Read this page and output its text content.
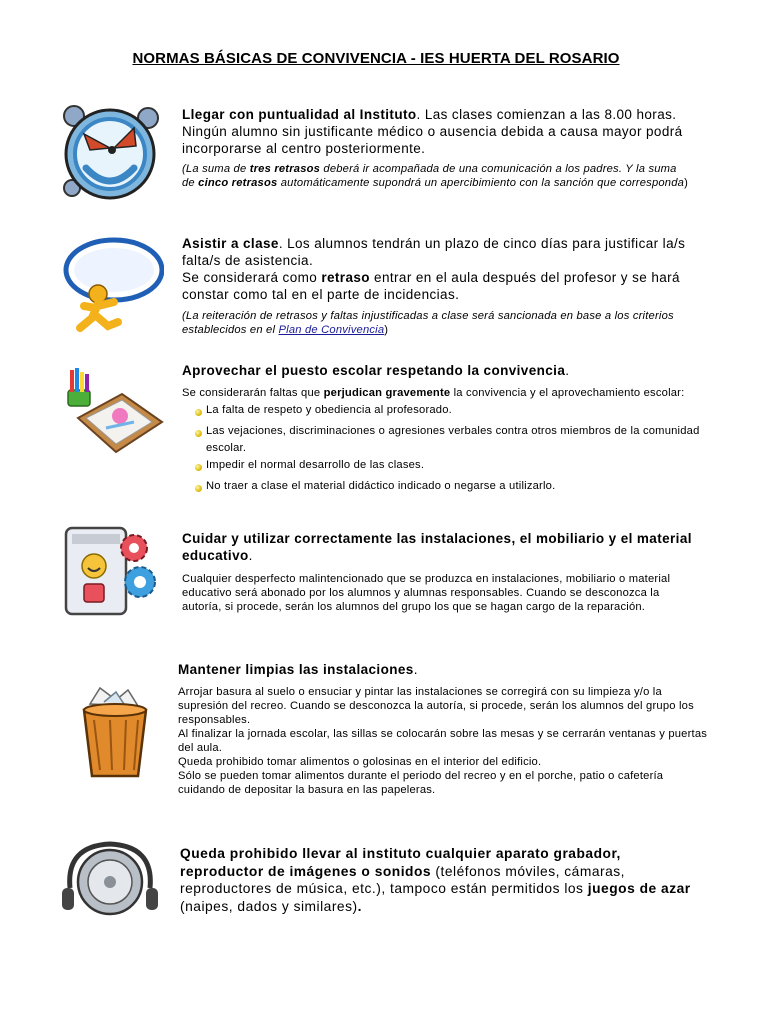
NORMAS BÁSICAS DE CONVIVENCIA - IES HUERTA DEL ROSARIO

Llegar con puntualidad al Instituto. Las clases comienzan a las 8.00 horas. Ningún alumno sin justificante médico o ausencia debida a causa mayor podrá incorporarse al centro posteriormente.

(La suma de tres retrasos deberá ir acompañada de una comunicación a los padres. Y la suma de cinco retrasos automáticamente supondrá un apercibimiento con la sanción que corresponda)

Asistir a clase. Los alumnos tendrán un plazo de cinco días para justificar la/s falta/s de asistencia.

Se considerará como retraso entrar en el aula después del profesor y se hará constar como tal en el parte de incidencias.

(La reiteración de retrasos y faltas injustificadas a clase será sancionada en base a los criterios establecidos en el Plan de Convivencia)

Aprovechar el puesto escolar respetando la convivencia.

Se considerarán faltas que perjudican gravemente la convivencia y el aprovechamiento escolar:

La falta de respeto y obediencia al profesorado.
Las vejaciones, discriminaciones o agresiones verbales contra otros miembros de la comunidad escolar.
Impedir el normal desarrollo de las clases.
No traer a clase el material didáctico indicado o negarse a utilizarlo.

Cuidar y utilizar correctamente las instalaciones, el mobiliario y el material educativo.

Cualquier desperfecto malintencionado que se produzca en instalaciones, mobiliario o material educativo será abonado por los alumnos y alumnas responsables. Cuando se desconozca la autoría, si procede, serán los alumnos del grupo los que se hagan cargo de la reparación.

Mantener limpias las instalaciones.

Arrojar basura al suelo o ensuciar y pintar las instalaciones se corregirá con su limpieza y/o la supresión del recreo. Cuando se desconozca la autoría, si procede, serán los alumnos del grupo los responsables.

Al finalizar la jornada escolar, las sillas se colocarán sobre las mesas y se cerrarán ventanas y puertas del aula.

Queda prohibido tomar alimentos o golosinas en el interior del edificio.

Sólo se pueden tomar alimentos durante el periodo del recreo y en el porche, patio o cafetería cuidando de depositar la basura en las papeleras.

Queda prohibido llevar al instituto cualquier aparato grabador, reproductor de imágenes o sonidos (teléfonos móviles, cámaras, reproductores de música, etc.), tampoco están permitidos los juegos de azar (naipes, dados y similares).
